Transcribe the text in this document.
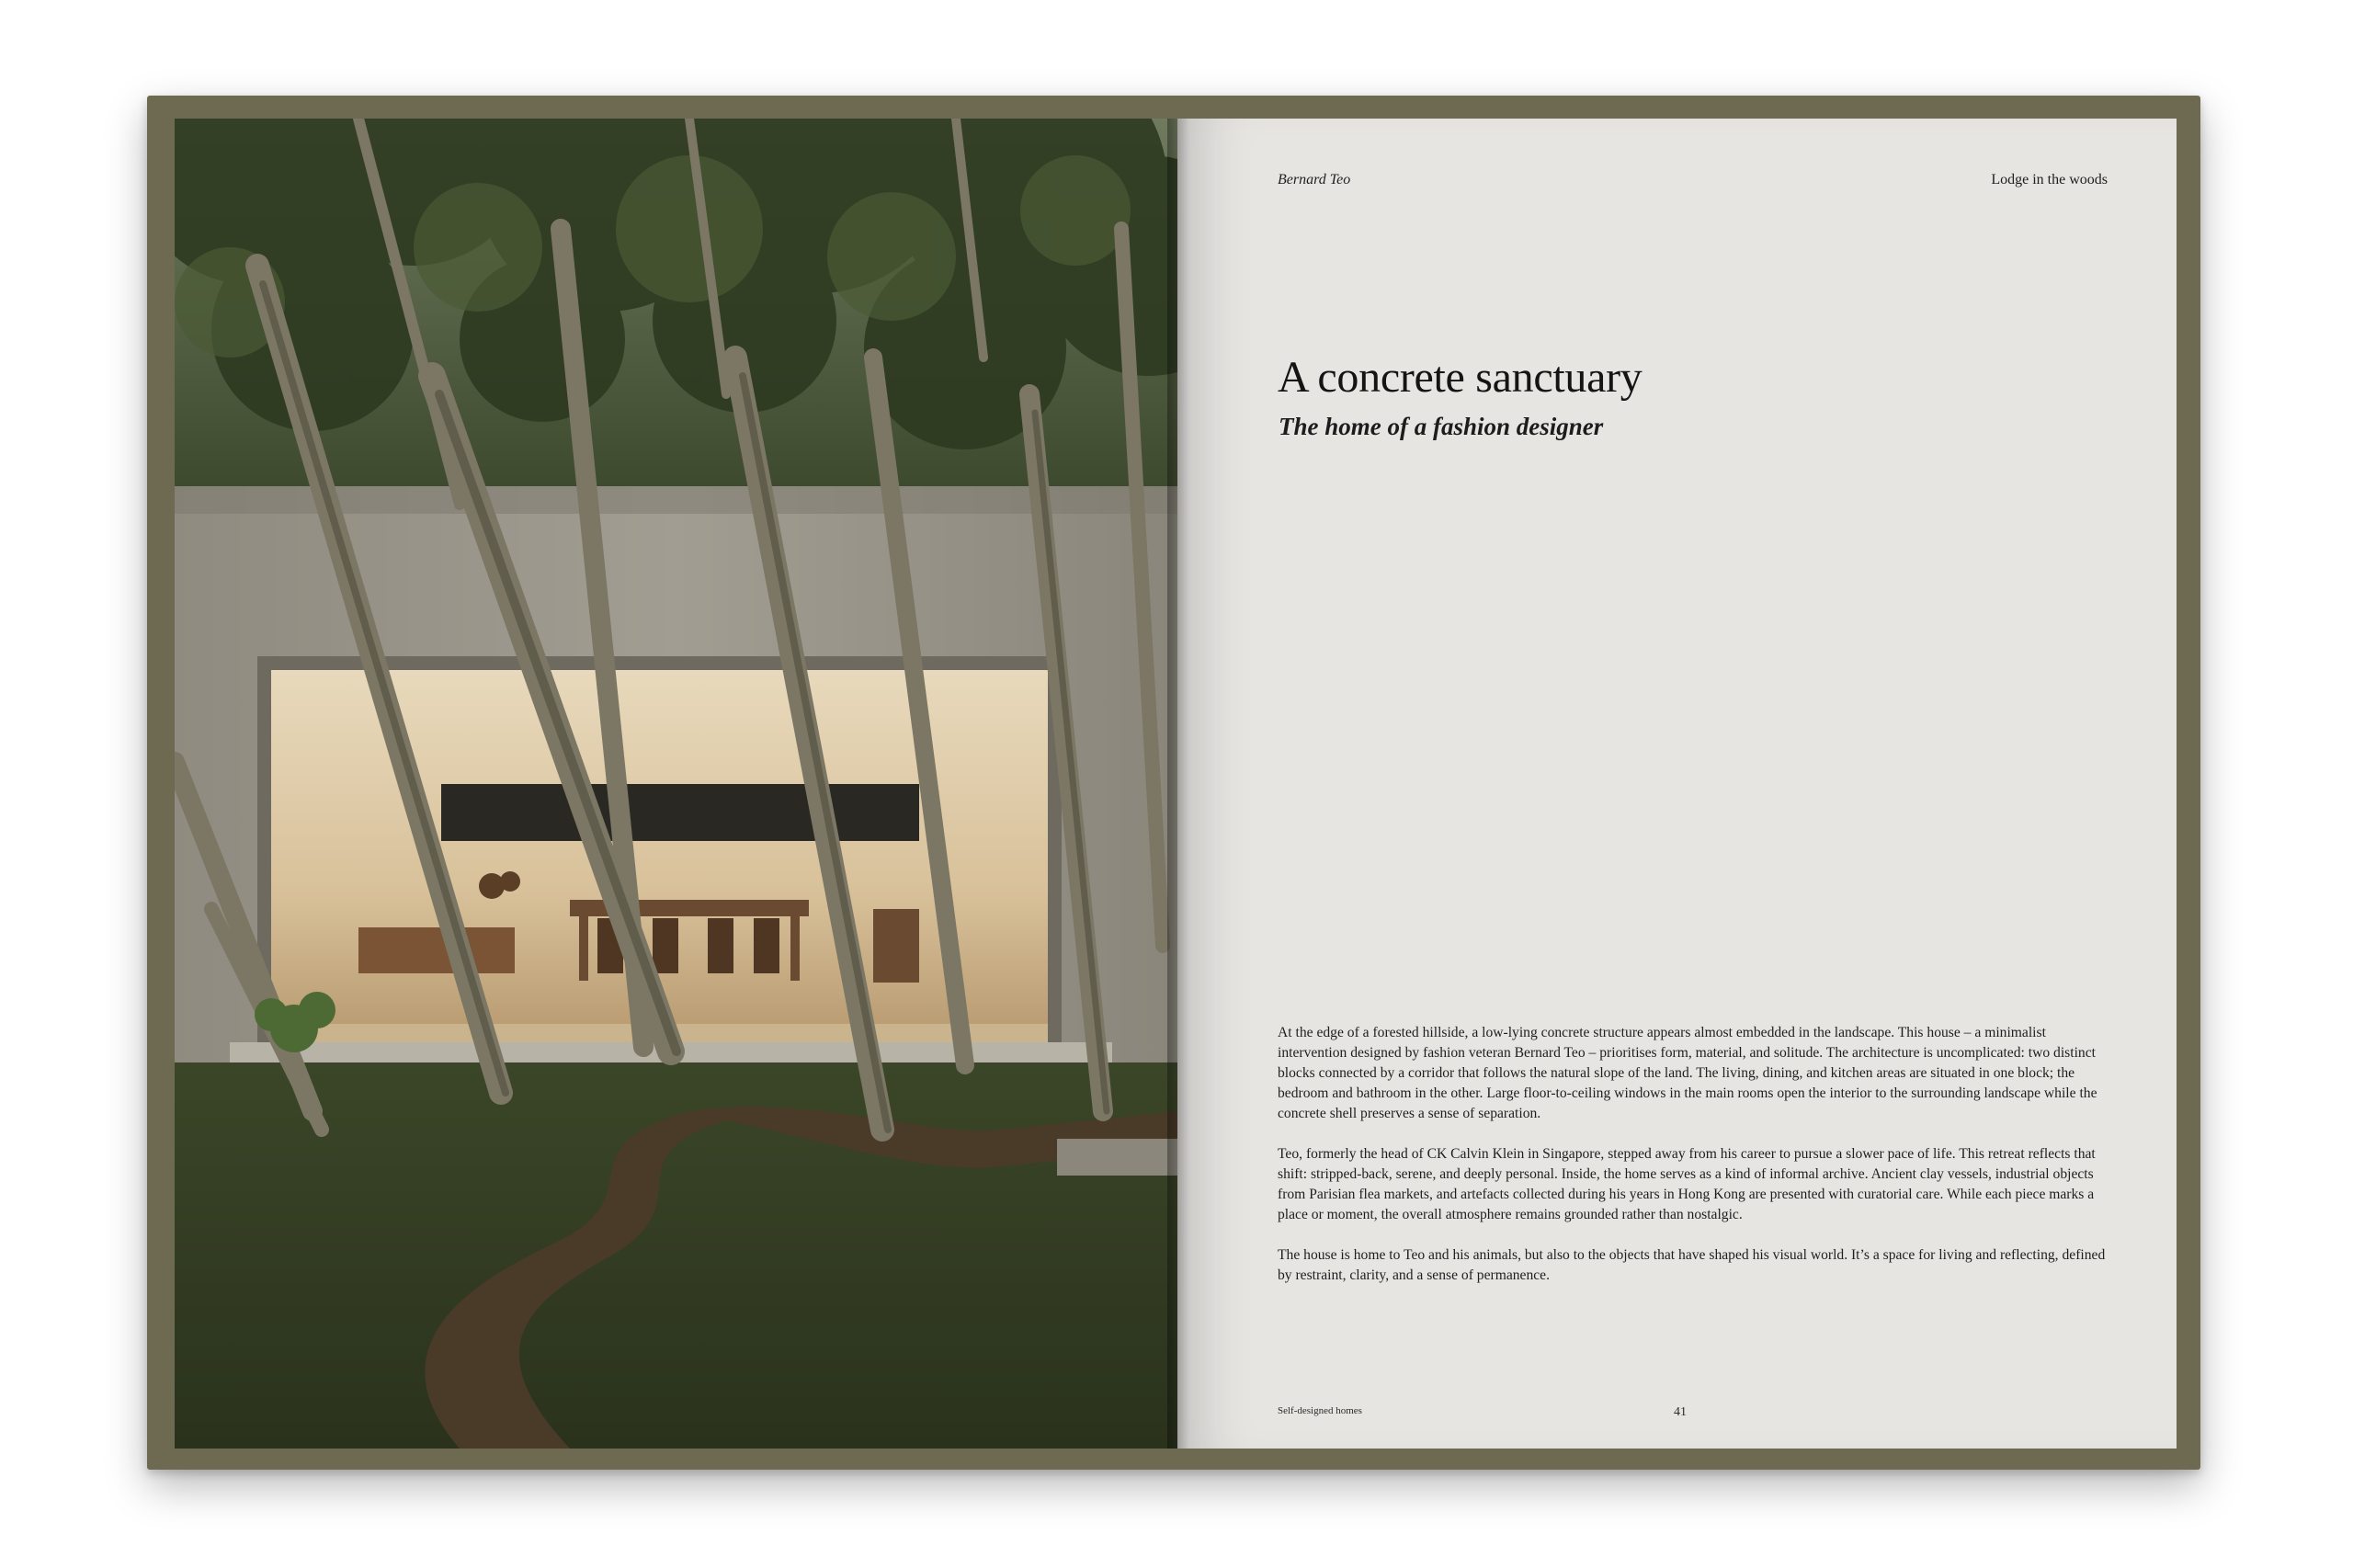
Bernard Teo	Lodge in the woods
A concrete sanctuary
The home of a fashion designer

At the edge of a forested hillside, a low-lying concrete structure appears almost embedded in the landscape. This house – a minimalist intervention designed by fashion veteran Bernard Teo – prioritises form, material, and solitude. The architecture is uncomplicated: two distinct blocks connected by a corridor that follows the natural slope of the land. The living, dining, and kitchen areas are situated in one block; the bedroom and bathroom in the other. Large floor-to-ceiling windows in the main rooms open the interior to the surrounding landscape while the concrete shell preserves a sense of separation.

Teo, formerly the head of CK Calvin Klein in Singapore, stepped away from his career to pursue a slower pace of life. This retreat reflects that shift: stripped-back, serene, and deeply personal. Inside, the home serves as a kind of informal archive. Ancient clay vessels, industrial objects from Parisian flea markets, and artefacts collected during his years in Hong Kong are presented with curatorial care. While each piece marks a place or moment, the overall atmosphere remains grounded rather than nostalgic.

The house is home to Teo and his animals, but also to the objects that have shaped his visual world. It’s a space for living and reflecting, defined by restraint, clarity, and a sense of permanence.

Self-designed homes	41
